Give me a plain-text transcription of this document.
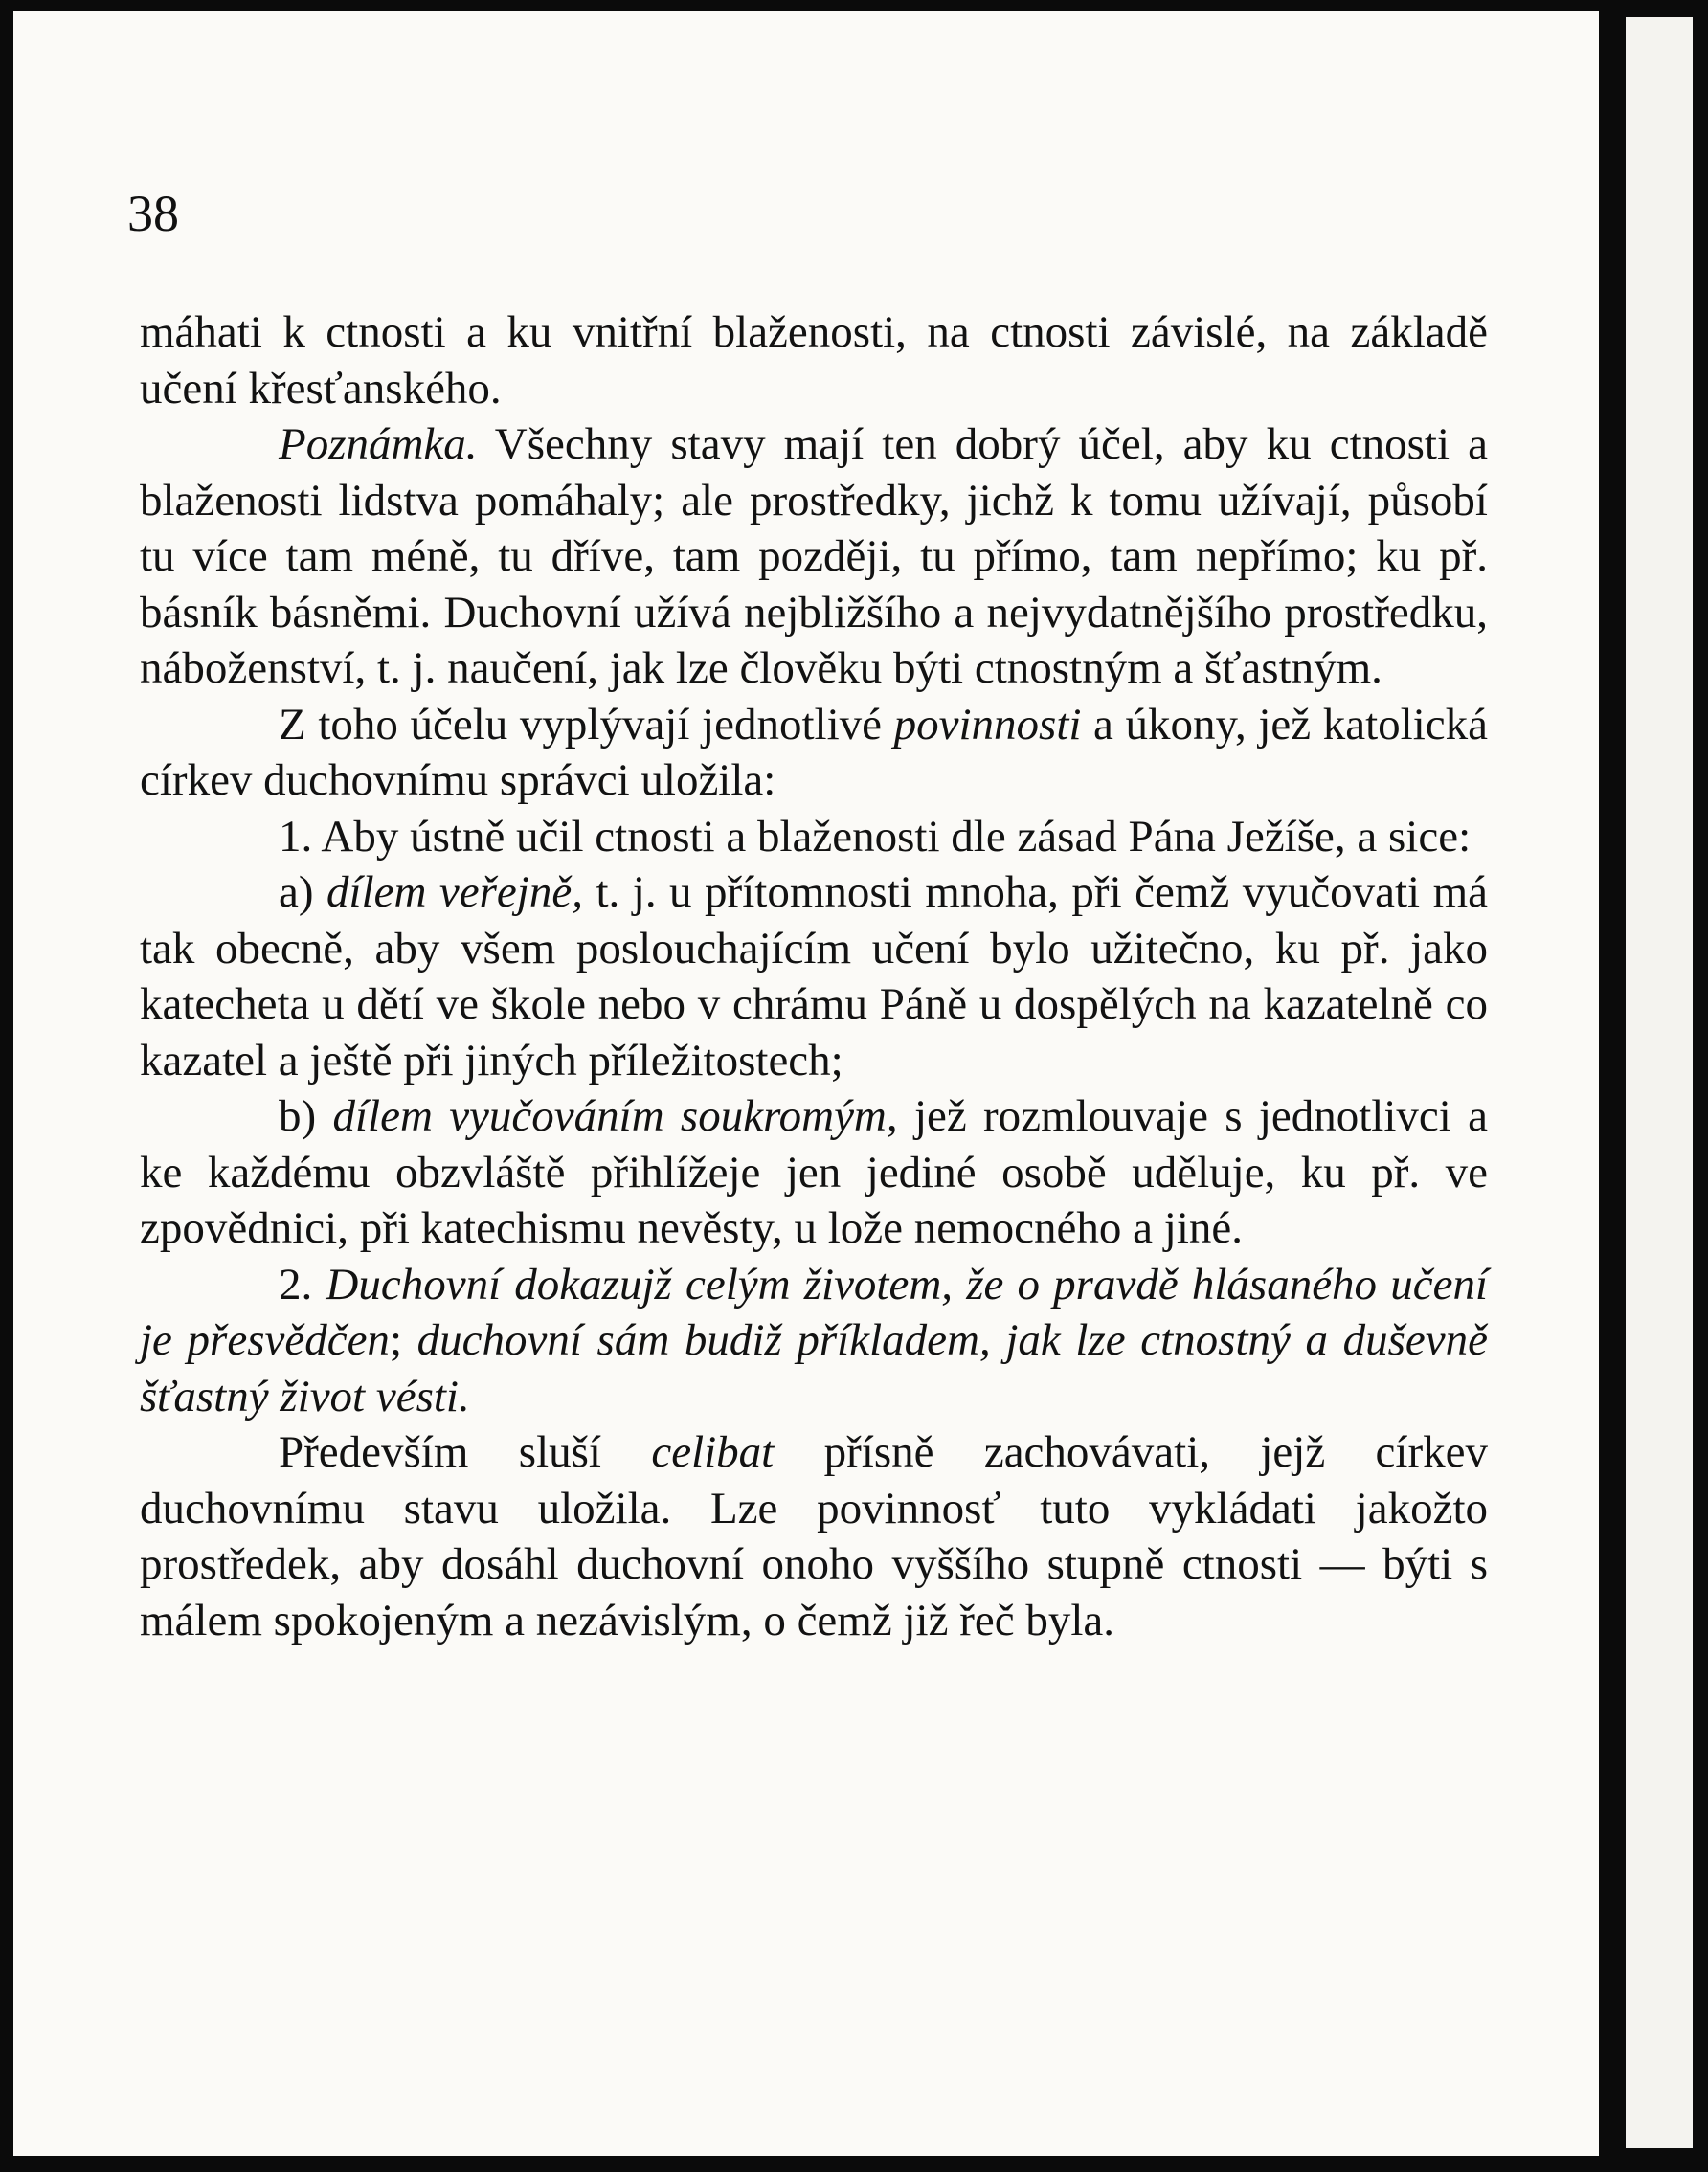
38

máhati k ctnosti a ku vnitřní blaženosti, na ctnosti závislé, na základě učení křesťanského.

Poznámka. Všechny stavy mají ten dobrý účel, aby ku ctnosti a blaženosti lidstva pomáhaly; ale prostředky, jichž k tomu užívají, působí tu více tam méně, tu dříve, tam později, tu přímo, tam nepřímo; ku př. básník básněmi. Duchovní užívá nejbližšího a nejvydatnějšího prostředku, náboženství, t. j. naučení, jak lze člověku býti ctnostným a šťastným.

Z toho účelu vyplývají jednotlivé povinnosti a úkony, jež katolická církev duchovnímu správci uložila:

1. Aby ústně učil ctnosti a blaženosti dle zásad Pána Ježíše, a sice:

a) dílem veřejně, t. j. u přítomnosti mnoha, při čemž vyučovati má tak obecně, aby všem poslouchajícím učení bylo užitečno, ku př. jako katecheta u dětí ve škole nebo v chrámu Páně u dospělých na kazatelně co kazatel a ještě při jiných příležitostech;

b) dílem vyučováním soukromým, jež rozmlouvaje s jednotlivci a ke každému obzvláště přihlížeje jen jediné osobě uděluje, ku př. ve zpovědnici, při katechismu nevěsty, u lože nemocného a jiné.

2. Duchovní dokazujž celým životem, že o pravdě hlásaného učení je přesvědčen; duchovní sám budiž příkladem, jak lze ctnostný a duševně šťastný život vésti.

Především sluší celibat přísně zachovávati, jejž církev duchovnímu stavu uložila. Lze povinnosť tuto vykládati jakožto prostředek, aby dosáhl duchovní onoho vyššího stupně ctnosti — býti s málem spokojeným a nezávislým, o čemž již řeč byla.
